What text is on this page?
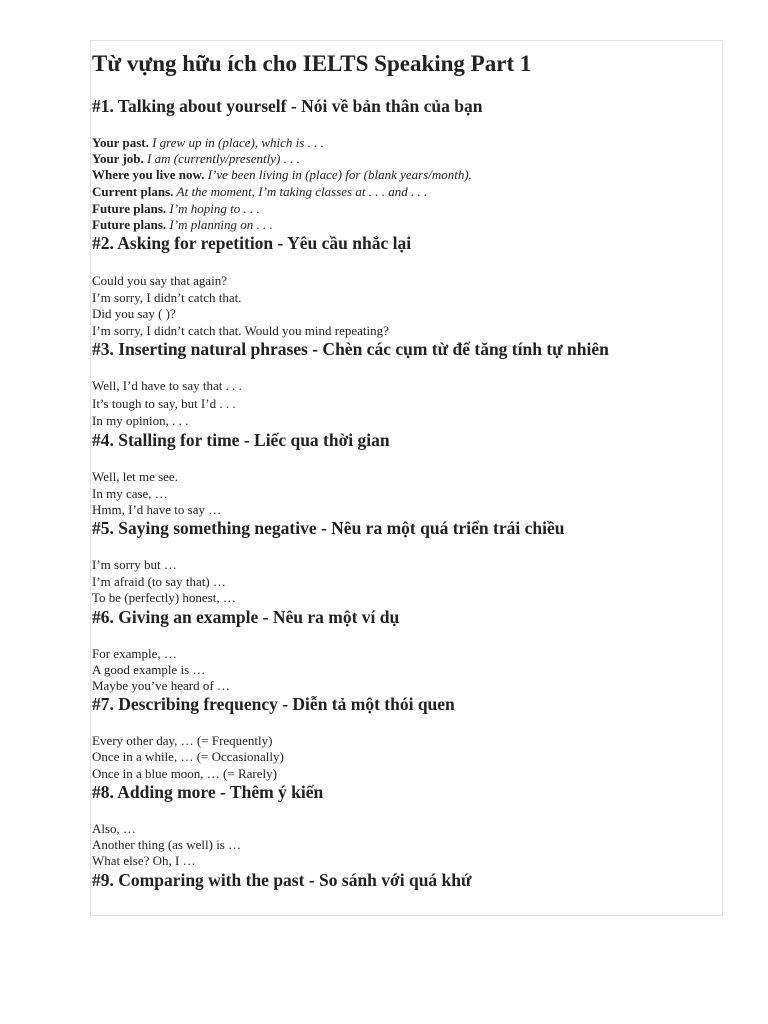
Từ vựng hữu ích cho IELTS Speaking Part 1
#1. Talking about yourself - Nói về bản thân của bạn
Your past. I grew up in (place), which is . . .
Your job. I am (currently/presently) . . .
Where you live now. I’ve been living in (place) for (blank years/month).
Current plans. At the moment, I’m taking classes at . . . and . . .
Future plans. I’m hoping to . . .
Future plans. I’m planning on . . .
#2. Asking for repetition - Yêu cầu nhắc lại
Could you say that again?
I’m sorry, I didn’t catch that.
Did you say ( )?
I’m sorry, I didn’t catch that. Would you mind repeating?
#3. Inserting natural phrases - Chèn các cụm từ để tăng tính tự nhiên
Well, I’d have to say that . . .
It’s tough to say, but I’d . . .
In my opinion, . . .
#4. Stalling for time - Liếc qua thời gian
Well, let me see.
In my case, …
Hmm, I’d have to say …
#5. Saying something negative - Nêu ra một quá triển trái chiều
I’m sorry but …
I’m afraid (to say that) …
To be (perfectly) honest, …
#6. Giving an example - Nêu ra một ví dụ
For example, …
A good example is …
Maybe you’ve heard of …
#7. Describing frequency - Diễn tả một thói quen
Every other day, … (= Frequently)
Once in a while, … (= Occasionally)
Once in a blue moon, … (= Rarely)
#8. Adding more - Thêm ý kiến
Also, …
Another thing (as well) is …
What else? Oh, I …
#9. Comparing with the past - So sánh với quá khứ
